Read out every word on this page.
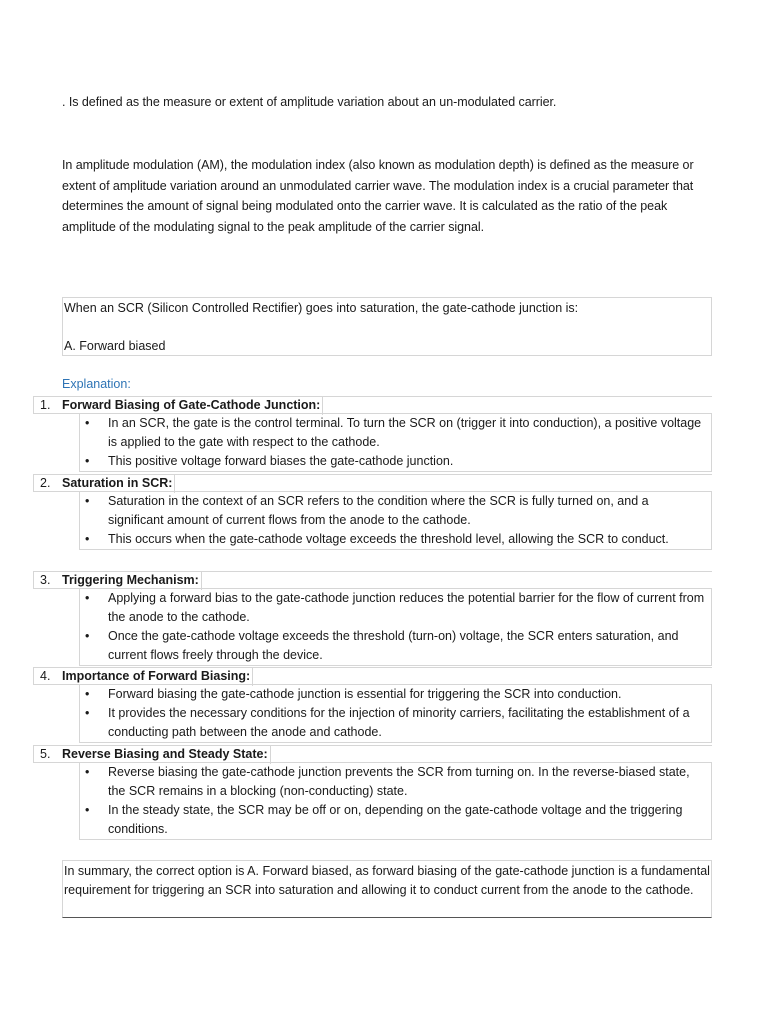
. Is defined as the measure or extent of amplitude variation about an un-modulated carrier.

In amplitude modulation (AM), the modulation index (also known as modulation depth) is defined as the measure or extent of amplitude variation around an unmodulated carrier wave. The modulation index is a crucial parameter that determines the amount of signal being modulated onto the carrier wave. It is calculated as the ratio of the peak amplitude of the modulating signal to the peak amplitude of the carrier signal.

When an SCR (Silicon Controlled Rectifier) goes into saturation, the gate-cathode junction is:

A. Forward biased

Explanation:
1. Forward Biasing of Gate-Cathode Junction:
• In an SCR, the gate is the control terminal. To turn the SCR on (trigger it into conduction), a positive voltage is applied to the gate with respect to the cathode.
• This positive voltage forward biases the gate-cathode junction.
2. Saturation in SCR:
• Saturation in the context of an SCR refers to the condition where the SCR is fully turned on, and a significant amount of current flows from the anode to the cathode.
• This occurs when the gate-cathode voltage exceeds the threshold level, allowing the SCR to conduct.
3. Triggering Mechanism:
• Applying a forward bias to the gate-cathode junction reduces the potential barrier for the flow of current from the anode to the cathode.
• Once the gate-cathode voltage exceeds the threshold (turn-on) voltage, the SCR enters saturation, and current flows freely through the device.
4. Importance of Forward Biasing:
• Forward biasing the gate-cathode junction is essential for triggering the SCR into conduction.
• It provides the necessary conditions for the injection of minority carriers, facilitating the establishment of a conducting path between the anode and cathode.
5. Reverse Biasing and Steady State:
• Reverse biasing the gate-cathode junction prevents the SCR from turning on. In the reverse-biased state, the SCR remains in a blocking (non-conducting) state.
• In the steady state, the SCR may be off or on, depending on the gate-cathode voltage and the triggering conditions.

In summary, the correct option is A. Forward biased, as forward biasing of the gate-cathode junction is a fundamental requirement for triggering an SCR into saturation and allowing it to conduct current from the anode to the cathode.
